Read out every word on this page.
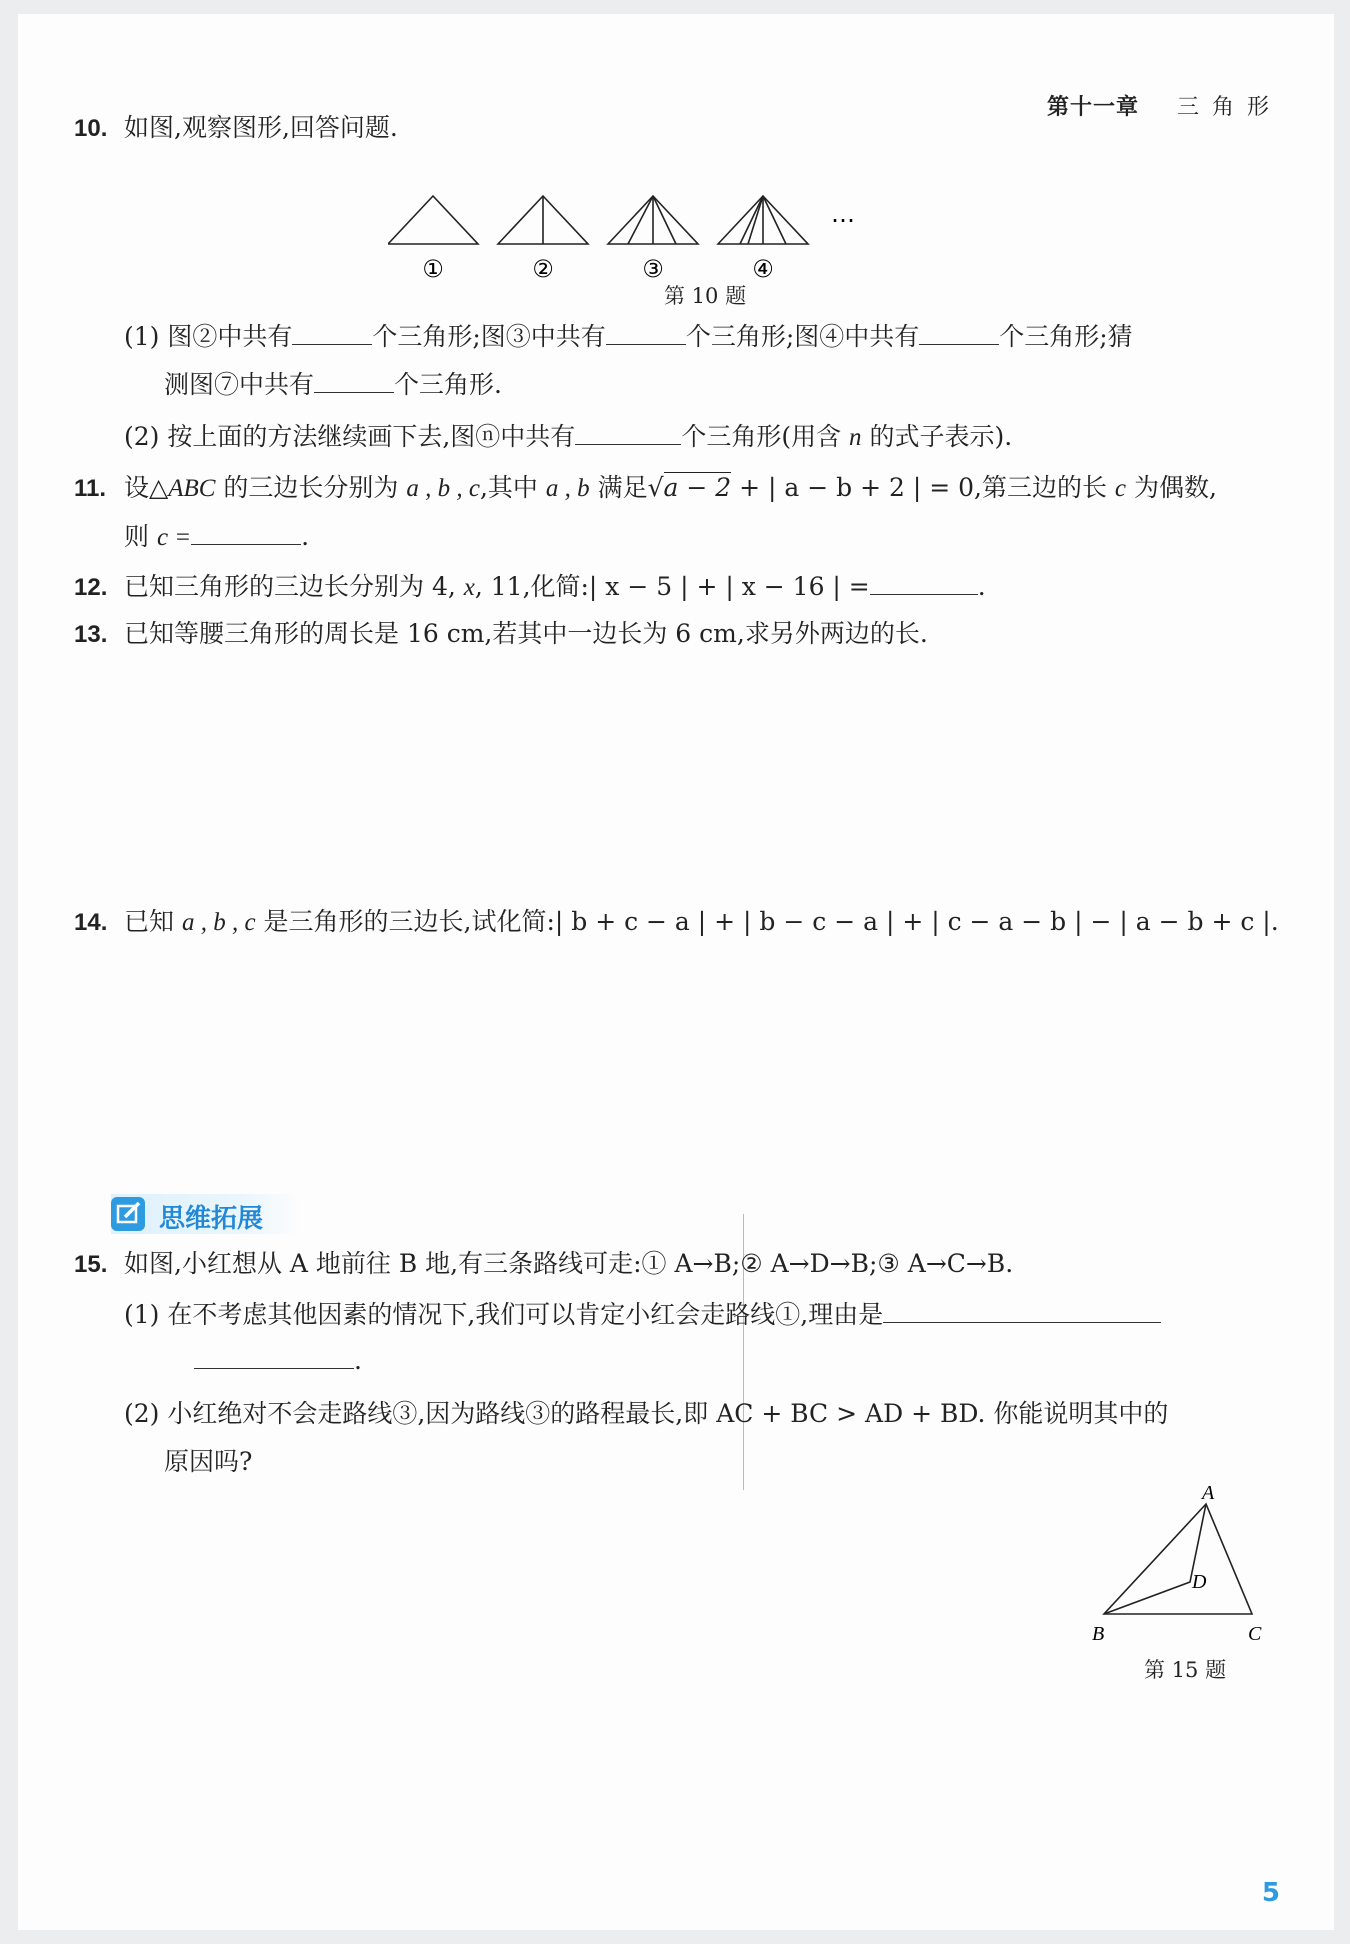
第十一章 三 角 形
10. 如图,观察图形,回答问题.
①	②	③	④
…
第 10 题
(1) 图②中共有	个三角形;图③中共有	个三角形;图④中共有	个三角形;猜
测图⑦中共有	个三角形.
(2) 按上面的方法继续画下去,图ⓝ中共有	个三角形(用含 n 的式子表示).
11. 设△ABC 的三边长分别为 a , b , c,其中 a , b 满足√a − 2 + | a − b + 2 | = 0,第三边的长 c 为偶数,
则 c =	.
12. 已知三角形的三边长分别为 4, x, 11,化简:| x − 5 | + | x − 16 | =	.
13. 已知等腰三角形的周长是 16 cm,若其中一边长为 6 cm,求另外两边的长.
14. 已知 a , b , c 是三角形的三边长,试化简:| b + c − a | + | b − c − a | + | c − a − b | − | a − b + c |.
思维拓展
15. 如图,小红想从 A 地前往 B 地,有三条路线可走:① A→B;② A→D→B;③ A→C→B.
(1) 在不考虑其他因素的情况下,我们可以肯定小红会走路线①,理由是
.
(2) 小红绝对不会走路线③,因为路线③的路程最长,即 AC + BC > AD + BD. 你能说明其中的
原因吗?
A
B	C
D
第 15 题
5
